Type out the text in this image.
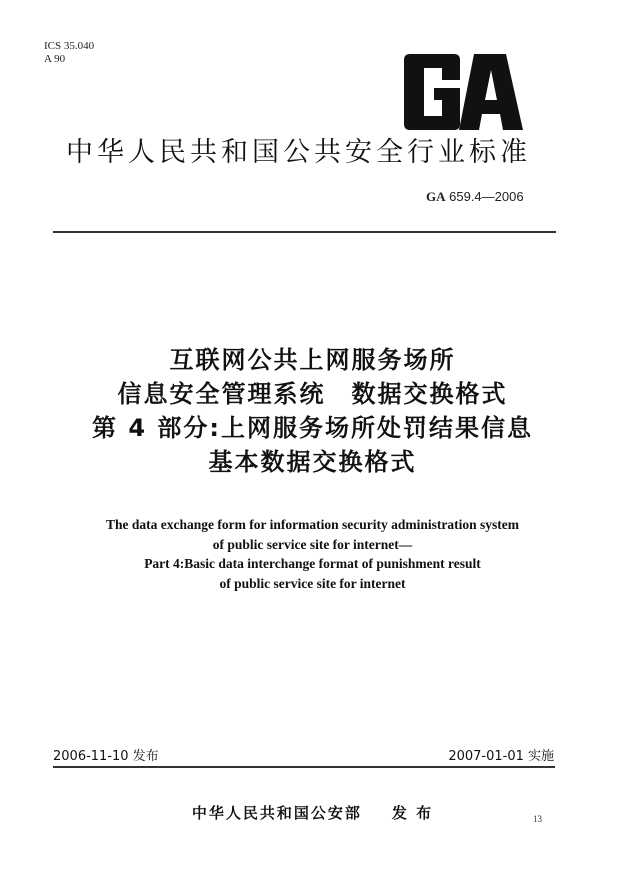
ICS 35.040
A 90
中华人民共和国公共安全行业标准
GA 659.4—2006
互联网公共上网服务场所
信息安全管理系统　数据交换格式
第 4 部分:上网服务场所处罚结果信息
基本数据交换格式
The data exchange form for information security administration system
of public service site for internet—
Part 4:Basic data interchange format of punishment result
of public service site for internet
2006-11-10 发布	2007-01-01 实施
中华人民共和国公安部 发 布	13
